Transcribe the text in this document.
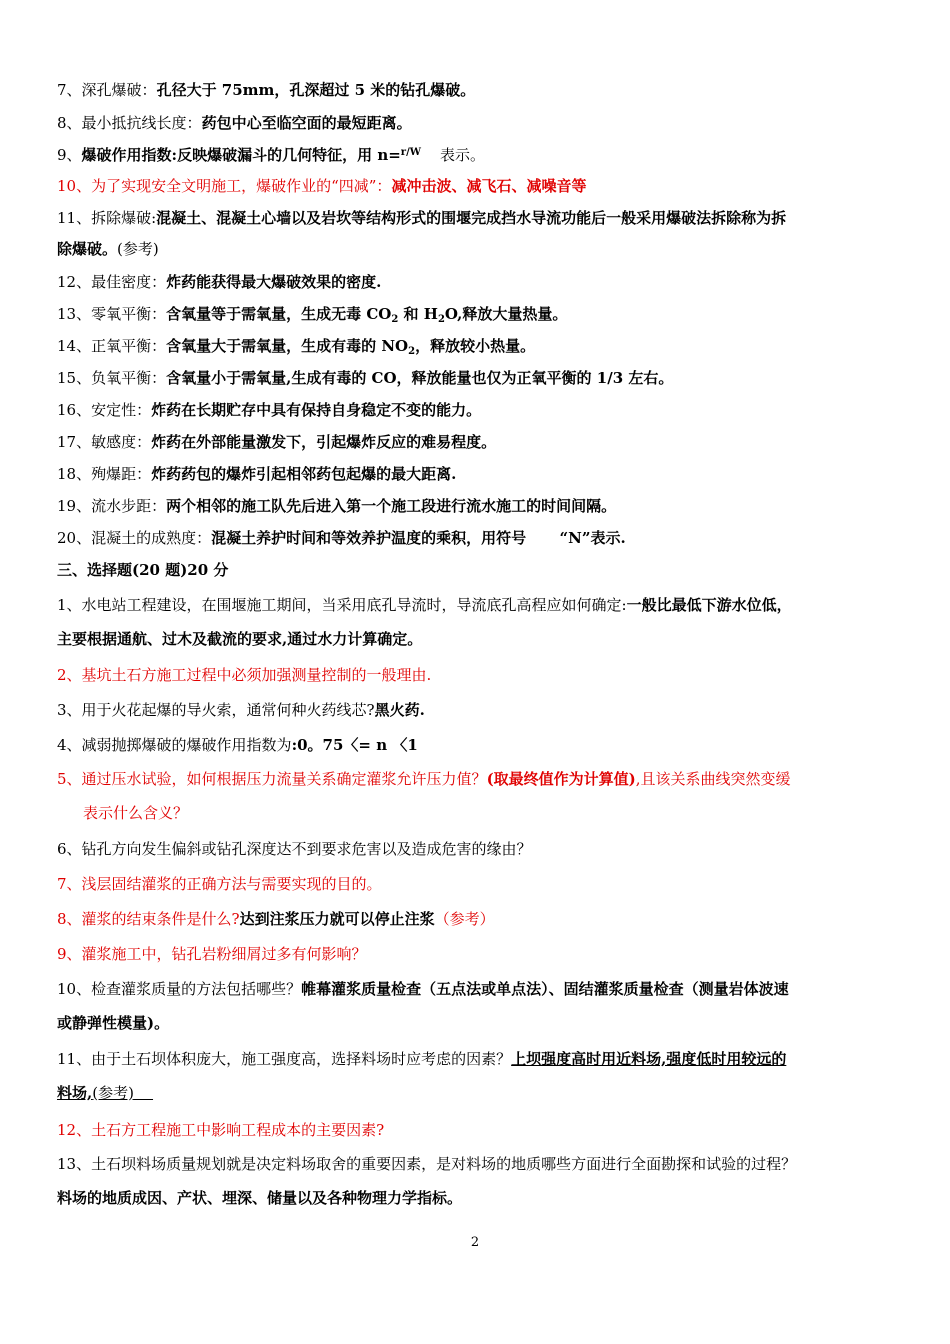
7、深孔爆破：孔径大于 75mm，孔深超过 5 米的钻孔爆破。
8、最小抵抗线长度：药包中心至临空面的最短距离。
9、爆破作用指数:反映爆破漏斗的几何特征，用 n=$^{r/W}$ 表示。
10、为了实现安全文明施工，爆破作业的“四减”：减冲击波、减飞石、减噪音等
11、拆除爆破:混凝土、混凝土心墙以及岩坎等结构形式的围堰完成挡水导流功能后一般采用爆破法拆除称为拆
除爆破。(参考)
12、最佳密度：炸药能获得最大爆破效果的密度.
13、零氧平衡：含氧量等于需氧量，生成无毒 $CO_2$ 和 $H_2O$,释放大量热量。
14、正氧平衡：含氧量大于需氧量，生成有毒的 $NO_2$，释放较小热量。
15、负氧平衡：含氧量小于需氧量,生成有毒的 CO，释放能量也仅为正氧平衡的 1/3 左右。
16、安定性：炸药在长期贮存中具有保持自身稳定不变的能力。
17、敏感度：炸药在外部能量激发下，引起爆炸反应的难易程度。
18、殉爆距：炸药药包的爆炸引起相邻药包起爆的最大距离.
19、流水步距：两个相邻的施工队先后进入第一个施工段进行流水施工的时间间隔。
20、混凝土的成熟度：混凝土养护时间和等效养护温度的乘积，用符号 “N”表示.
三、选择题(20 题)20 分
1、水电站工程建设，在围堰施工期间，当采用底孔导流时，导流底孔高程应如何确定:一般比最低下游水位低，
主要根据通航、过木及截流的要求,通过水力计算确定。
2、基坑土石方施工过程中必须加强测量控制的一般理由.
3、用于火花起爆的导火索，通常何种火药线芯?黑火药.
4、减弱抛掷爆破的爆破作用指数为:0。75〈= n 〈1
5、通过压水试验，如何根据压力流量关系确定灌浆允许压力值？(取最终值作为计算值),且该关系曲线突然变缓
表示什么含义？
6、钻孔方向发生偏斜或钻孔深度达不到要求危害以及造成危害的缘由？
7、浅层固结灌浆的正确方法与需要实现的目的。
8、灌浆的结束条件是什么?达到注浆压力就可以停止注浆（参考）
9、灌浆施工中，钻孔岩粉细屑过多有何影响？
10、检查灌浆质量的方法包括哪些？帷幕灌浆质量检查（五点法或单点法）、固结灌浆质量检查（测量岩体波速
或静弹性模量)。
11、由于土石坝体积庞大，施工强度高，选择料场时应考虑的因素？上坝强度高时用近料场,强度低时用较远的
料场,(参考)
12、土石方工程施工中影响工程成本的主要因素?
13、土石坝料场质量规划就是决定料场取舍的重要因素，是对料场的地质哪些方面进行全面勘探和试验的过程？
料场的地质成因、产状、埋深、储量以及各种物理力学指标。
2
